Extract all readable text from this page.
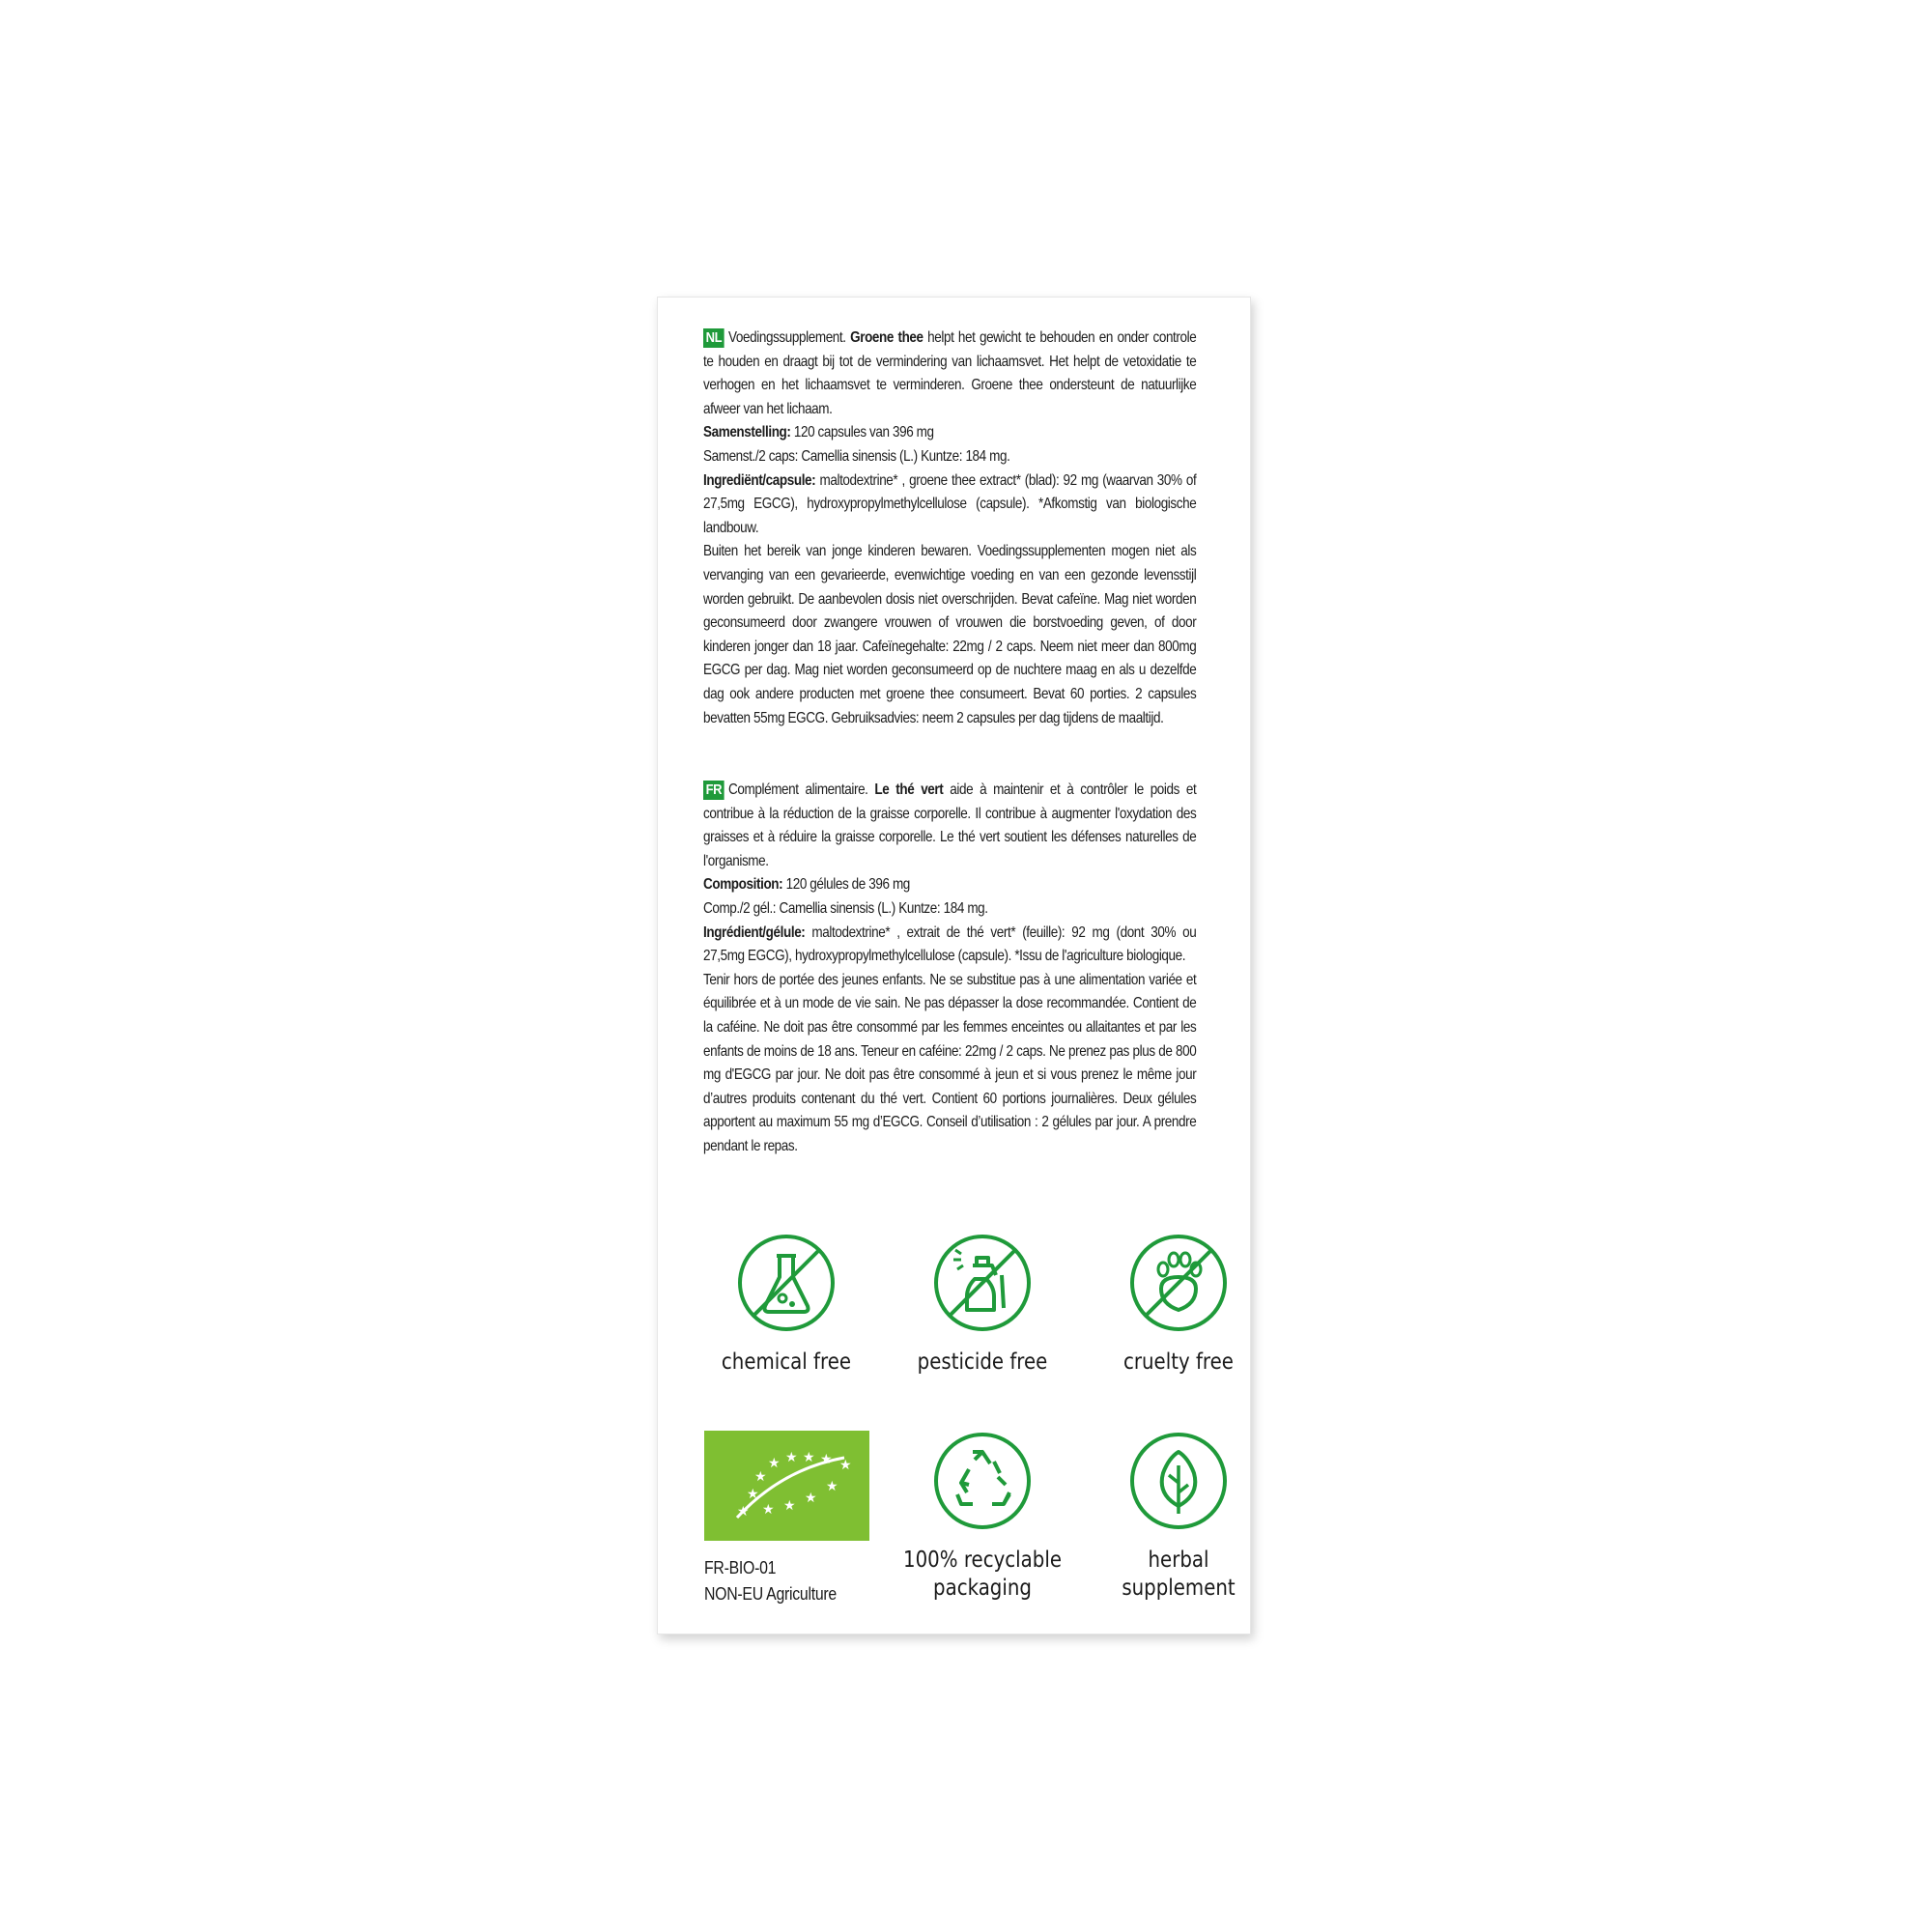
NL Voedingssupplement. Groene thee helpt het gewicht te behouden en onder controle te houden en draagt bij tot de vermindering van lichaamsvet. Het helpt de vetoxidatie te verhogen en het lichaamsvet te verminderen. Groene thee ondersteunt de natuurlijke afweer van het lichaam.

Samenstelling: 120 capsules van 396 mg

Samenst./2 caps: Camellia sinensis (L.) Kuntze: 184 mg.

Ingrediënt/capsule: maltodextrine* , groene thee extract* (blad): 92 mg (waarvan 30% of 27,5mg EGCG), hydroxypropylmethylcellulose (capsule). *Afkomstig van biologische landbouw.

Buiten het bereik van jonge kinderen bewaren. Voedingssupplementen mogen niet als vervanging van een gevarieerde, evenwichtige voeding en van een gezonde levensstijl worden gebruikt. De aanbevolen dosis niet overschrijden. Bevat cafeïne. Mag niet worden geconsumeerd door zwangere vrouwen of vrouwen die borstvoeding geven, of door kinderen jonger dan 18 jaar. Cafeïnegehalte: 22mg / 2 caps. Neem niet meer dan 800mg EGCG per dag. Mag niet worden geconsumeerd op de nuchtere maag en als u dezelfde dag ook andere producten met groene thee consumeert. Bevat 60 porties. 2 capsules bevatten 55mg EGCG. Gebruiksadvies: neem 2 capsules per dag tijdens de maaltijd.

FR Complément alimentaire. Le thé vert aide à maintenir et à contrôler le poids et contribue à la réduction de la graisse corporelle. Il contribue à augmenter l'oxydation des graisses et à réduire la graisse corporelle. Le thé vert soutient les défenses naturelles de l'organisme.

Composition: 120 gélules de 396 mg

Comp./2 gél.: Camellia sinensis (L.) Kuntze: 184 mg.

Ingrédient/gélule: maltodextrine* , extrait de thé vert* (feuille): 92 mg (dont 30% ou 27,5mg EGCG), hydroxypropylmethylcellulose (capsule). *Issu de l'agriculture biologique.

Tenir hors de portée des jeunes enfants. Ne se substitue pas à une alimentation variée et équilibrée et à un mode de vie sain. Ne pas dépasser la dose recommandée. Contient de la caféine. Ne doit pas être consommé par les femmes enceintes ou allaitantes et par les enfants de moins de 18 ans. Teneur en caféine: 22mg / 2 caps. Ne prenez pas plus de 800 mg d'EGCG par jour. Ne doit pas être consommé à jeun et si vous prenez le même jour d’autres produits contenant du thé vert. Contient 60 portions journalières. Deux gélules apportent au maximum 55 mg d’EGCG. Conseil d’utilisation : 2 gélules par jour. A prendre pendant le repas.

chemical free	pesticide free	cruelty free
★ ★ ★ ★ ★
★
★
★ ★ ★ ★
★
FR-BIO-01
NON-EU Agriculture
100% recyclable
packaging
herbal
supplement
